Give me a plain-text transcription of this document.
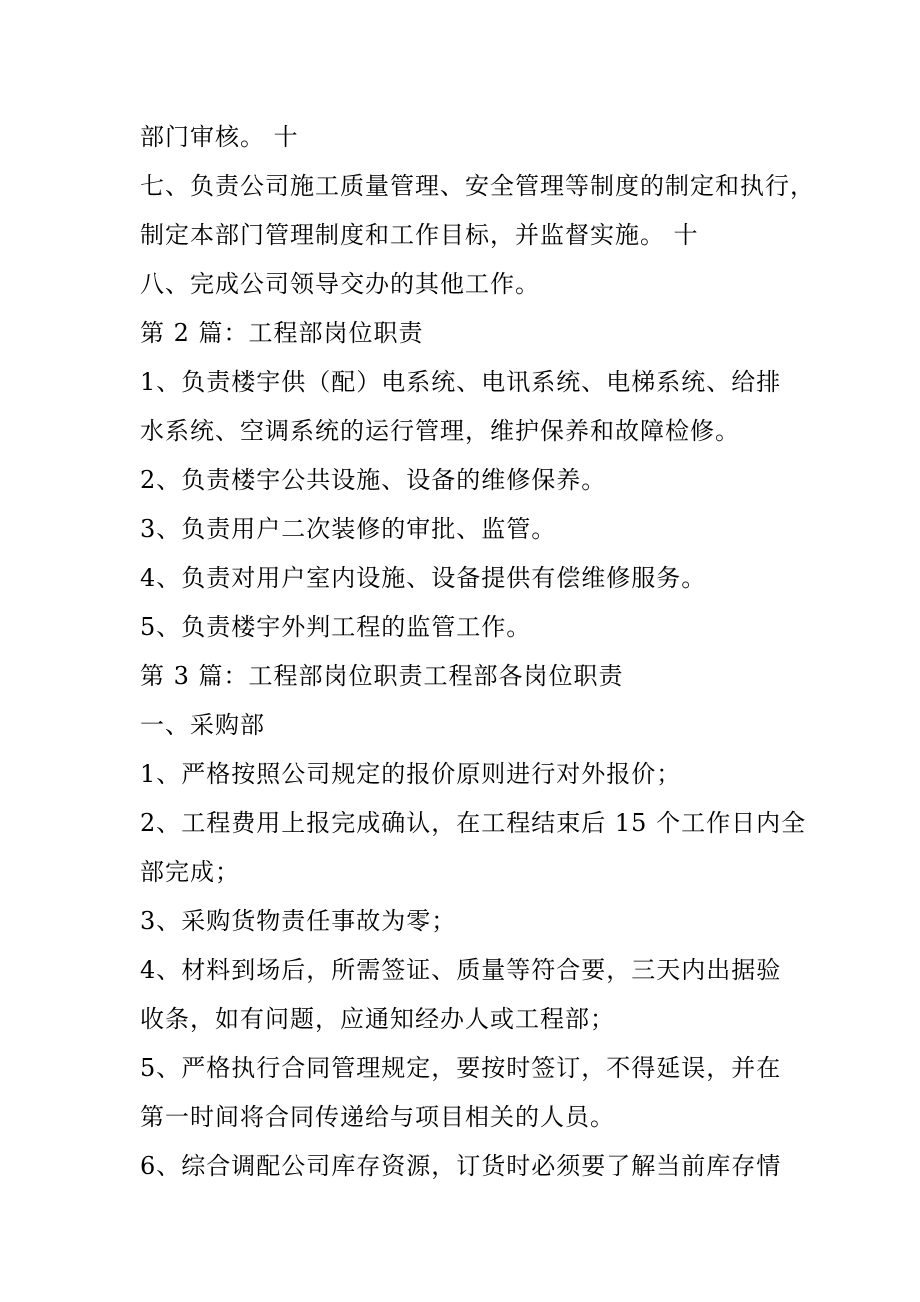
部门审核。 十
七、负责公司施工质量管理、安全管理等制度的制定和执行，
制定本部门管理制度和工作目标，并监督实施。 十
八、完成公司领导交办的其他工作。
第 2 篇：工程部岗位职责
1、负责楼宇供（配）电系统、电讯系统、电梯系统、给排
水系统、空调系统的运行管理，维护保养和故障检修。
2、负责楼宇公共设施、设备的维修保养。
3、负责用户二次装修的审批、监管。
4、负责对用户室内设施、设备提供有偿维修服务。
5、负责楼宇外判工程的监管工作。
第 3 篇：工程部岗位职责工程部各岗位职责
一、采购部
1、严格按照公司规定的报价原则进行对外报价；
2、工程费用上报完成确认，在工程结束后 15 个工作日内全
部完成；
3、采购货物责任事故为零；
4、材料到场后，所需签证、质量等符合要，三天内出据验
收条，如有问题，应通知经办人或工程部；
5、严格执行合同管理规定，要按时签订，不得延误，并在
第一时间将合同传递给与项目相关的人员。
6、综合调配公司库存资源，订货时必须要了解当前库存情
